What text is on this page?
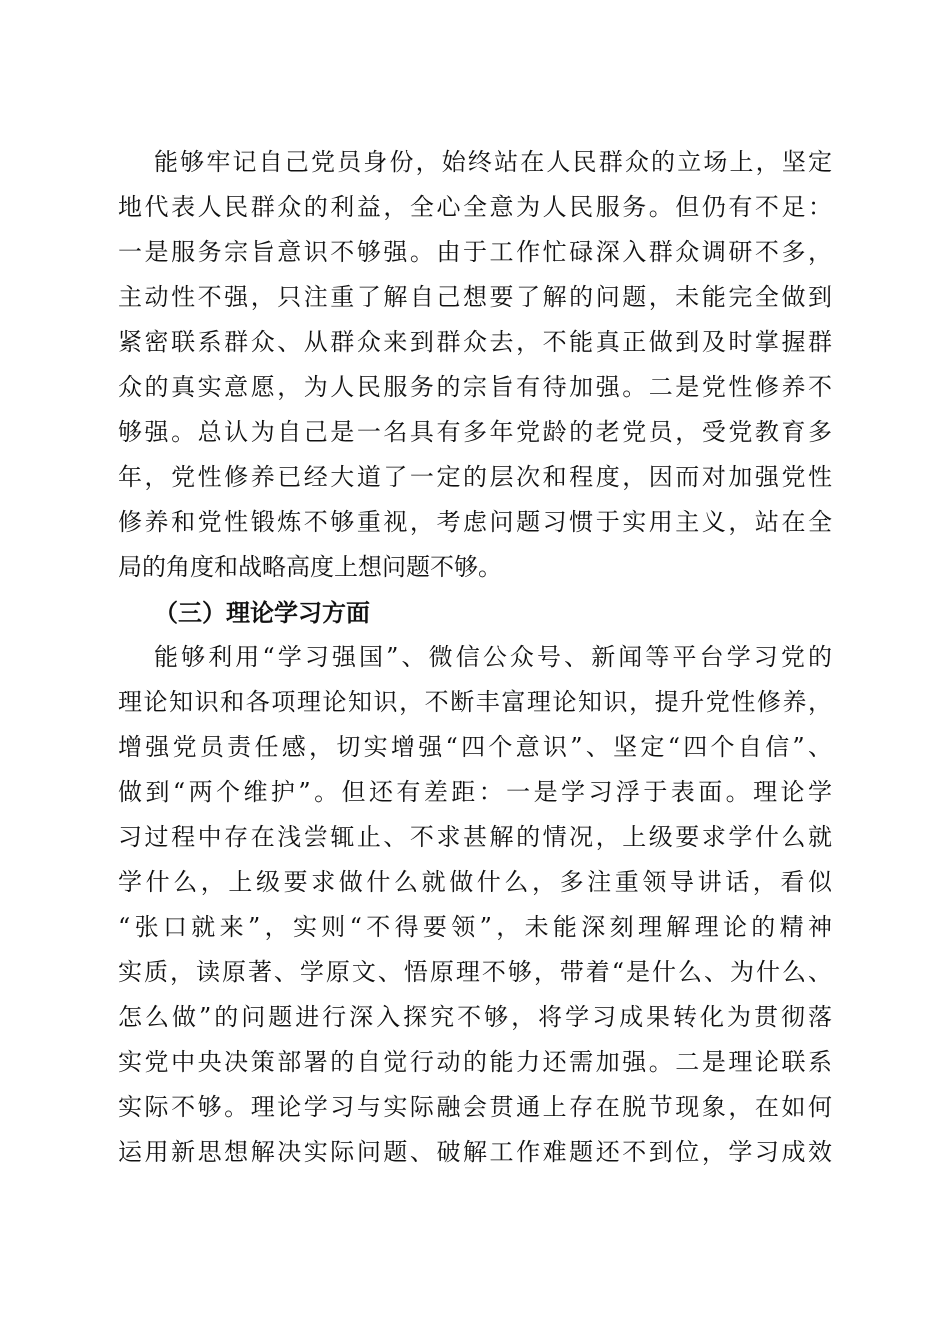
能够牢记自己党员身份，始终站在人民群众的立场上，坚定
地代表人民群众的利益，全心全意为人民服务。但仍有不足：
一是服务宗旨意识不够强。由于工作忙碌深入群众调研不多，
主动性不强，只注重了解自己想要了解的问题，未能完全做到
紧密联系群众、从群众来到群众去，不能真正做到及时掌握群
众的真实意愿，为人民服务的宗旨有待加强。二是党性修养不
够强。总认为自己是一名具有多年党龄的老党员，受党教育多
年，党性修养已经大道了一定的层次和程度，因而对加强党性
修养和党性锻炼不够重视，考虑问题习惯于实用主义，站在全
局的角度和战略高度上想问题不够。
（三）理论学习方面
能够利用“学习强国”、微信公众号、新闻等平台学习党的
理论知识和各项理论知识，不断丰富理论知识，提升党性修养，
增强党员责任感，切实增强“四个意识”、坚定“四个自信”、
做到“两个维护”。但还有差距：一是学习浮于表面。理论学
习过程中存在浅尝辄止、不求甚解的情况，上级要求学什么就
学什么，上级要求做什么就做什么，多注重领导讲话，看似
“张口就来”，实则“不得要领”，未能深刻理解理论的精神
实质，读原著、学原文、悟原理不够，带着“是什么、为什么、
怎么做”的问题进行深入探究不够，将学习成果转化为贯彻落
实党中央决策部署的自觉行动的能力还需加强。二是理论联系
实际不够。理论学习与实际融会贯通上存在脱节现象，在如何
运用新思想解决实际问题、破解工作难题还不到位，学习成效
